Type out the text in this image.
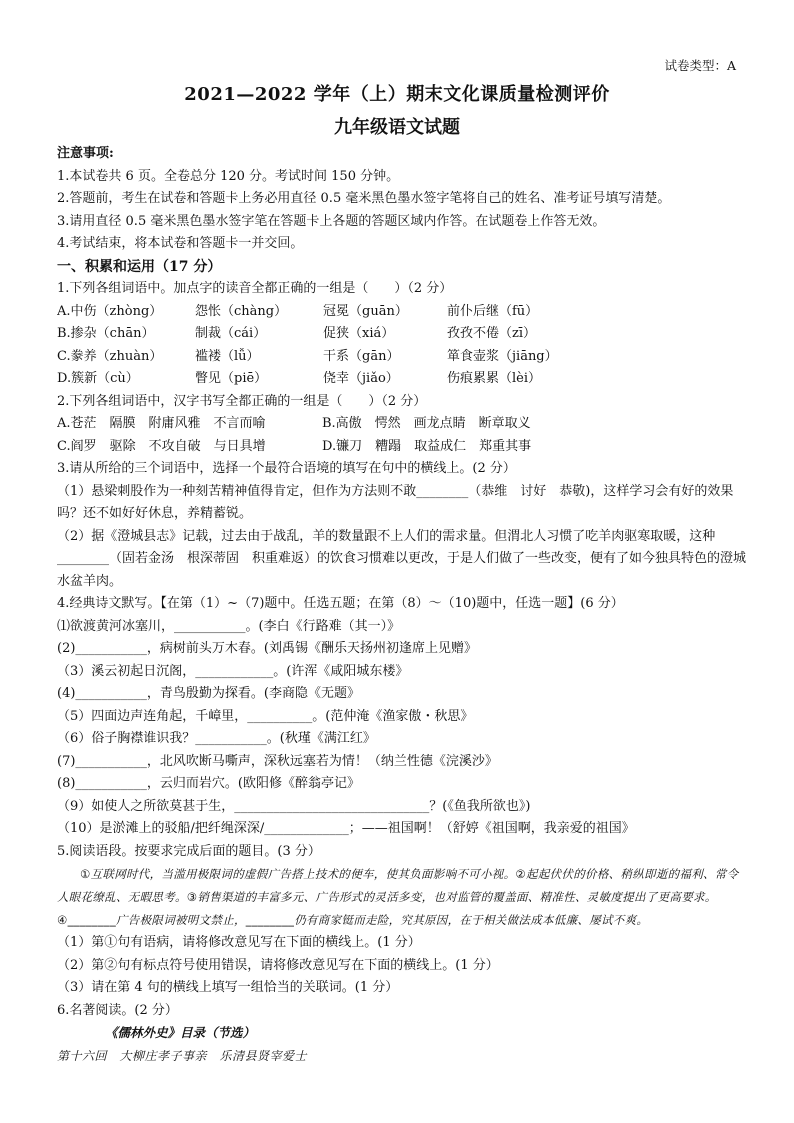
试卷类型：A
2021—2022 学年（上）期末文化课质量检测评价
九年级语文试题
注意事项:
1.本试卷共 6 页。全卷总分 120 分。考试时间 150 分钟。
2.答题前，考生在试卷和答题卡上务必用直径 0.5 毫米黑色墨水签字笔将自己的姓名、准考证号填写清楚。
3.请用直径 0.5 毫米黑色墨水签字笔在答题卡上各题的答题区域内作答。在试题卷上作答无效。
4.考试结束，将本试卷和答题卡一并交回。
一、积累和运用（17 分）
1.下列各组词语中。加点字的读音全都正确的一组是（　　）（2 分）
A.中伤（zhòng）	怨怅（chàng）	冠冕（guān）	前仆后继（fū）
B.掺杂（chān）	制裁（cái）	促狭（xiá）	孜孜不倦（zī）
C.豢养（zhuàn）	褴褛（lǚ）	干系（gān）	箪食壶浆（jiāng）
D.簇新（cù）	瞥见（piē）	侥幸（jiǎo）	伤痕累累（lèi）
2.下列各组词语中，汉字书写全都正确的一组是（　　）（2 分）
A.苍茫　隔膜　附庸风雅　不言而喻	B.高傲　愕然　画龙点睛　断章取义
C.阎罗　驱除　不攻自破　与日具增	D.镰刀　糟蹋　取益成仁　郑重其事
3.请从所给的三个词语中，选择一个最符合语境的填写在句中的横线上。(2 分）
（1）悬梁刺股作为一种刻苦精神值得肯定，但作为方法则不敢________（恭维　讨好　恭敬)，这样学习会有好的效果吗？还不如好好休息，养精蓄锐。
（2）据《澄城县志》记载，过去由于战乱，羊的数量跟不上人们的需求量。但渭北人习惯了吃羊肉驱寒取暖，这种________（固若金汤　根深蒂固　积重难返）的饮食习惯难以更改，于是人们做了一些改变，便有了如今独具特色的澄城水盆羊肉。
4.经典诗文默写。【在第（1）~（7)题中。任选五题；在第（8）～（10)题中，任选一题】(6 分）
⑴欲渡黄河冰塞川，___________。(李白《行路难（其一）》
(2)___________，病树前头万木春。(刘禹锡《酬乐天扬州初逢席上见赠》
（3）溪云初起日沉阁，____________。(许浑《咸阳城东楼》
(4)___________，青鸟殷勤为探看。(李商隐《无题》
（5）四面边声连角起，千嶂里，__________。(范仲淹《渔家傲・秋思》
（6）俗子胸襟谁识我？___________。(秋瑾《满江红》
(7)___________，北风吹断马嘶声，深秋远塞若为情！（纳兰性德《浣溪沙》
(8)___________，云归而岩穴。(欧阳修《醉翁亭记》
（9）如使人之所欲莫甚于生，______________________________？(《鱼我所欲也》)
（10）是淤滩上的驳船/把纤绳深深/_____________；——祖国啊！（舒婷《祖国啊，我亲爱的祖国》
5.阅读语段。按要求完成后面的题目。(3 分）
①互联网时代，当滥用极限词的虚假广告搭上技术的便车，使其负面影响不可小视。②起起伏伏的价格、稍纵即逝的福利、常令人眼花缭乱、无暇思考。③销售渠道的丰富多元、广告形式的灵活多变，也对监管的覆盖面、精准性、灵敏度提出了更高要求。④________广告极限词被明文禁止，________仍有商家铤而走险，究其原因，在于相关做法成本低廉、屡试不爽。
（1）第①句有语病，请将修改意见写在下面的横线上。(1 分）
（2）第②句有标点符号使用错误，请将修改意见写在下面的横线上。(1 分）
（3）请在第 4 句的横线上填写一组恰当的关联词。(1 分）
6.名著阅读。(2 分）
《儒林外史》目录（节选）
第十六回　大柳庄孝子事亲　乐清县贤宰爱士
